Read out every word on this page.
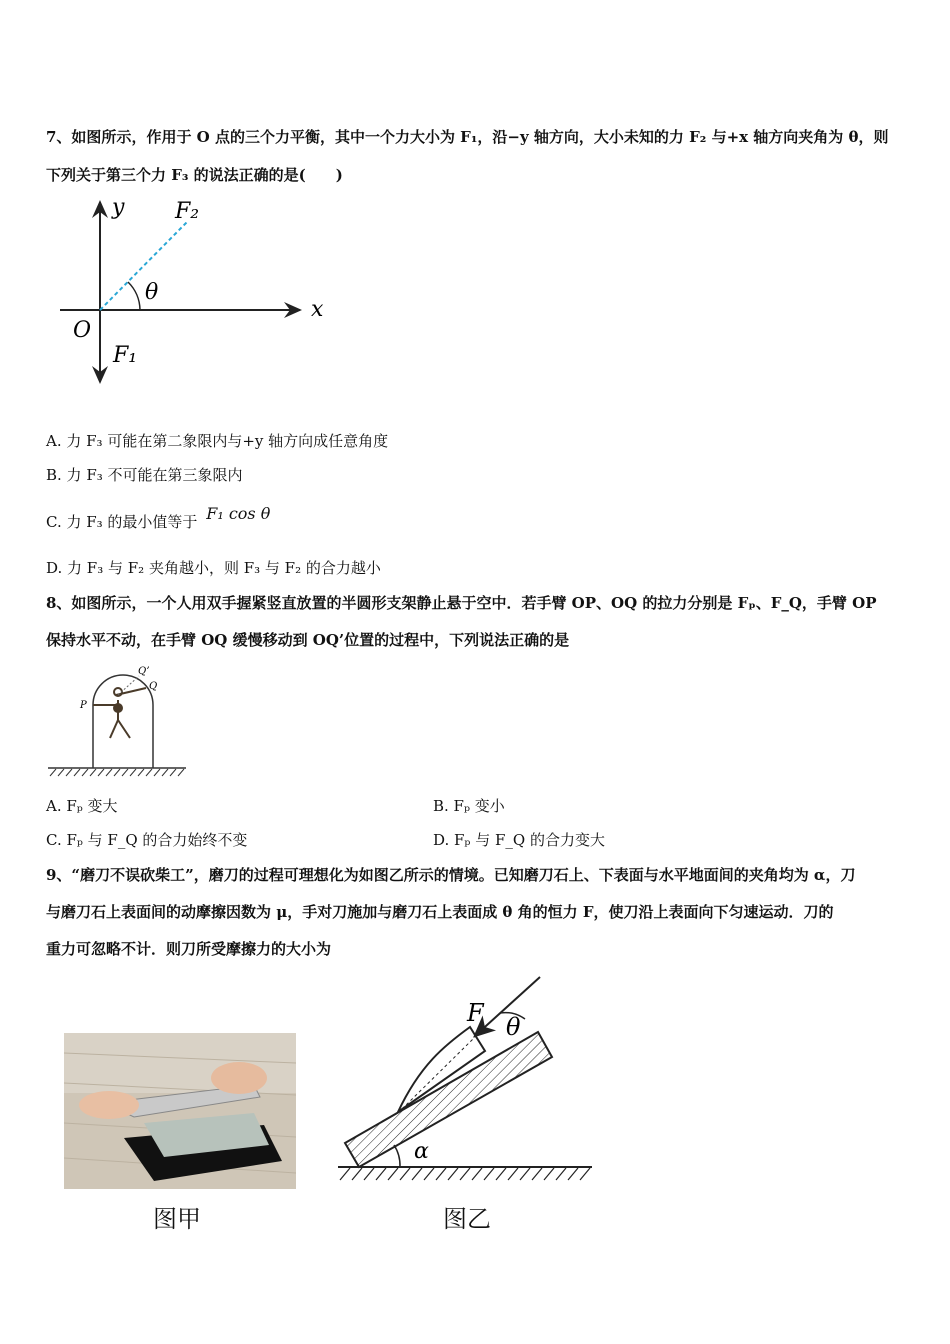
7、如图所示，作用于 O 点的三个力平衡，其中一个力大小为 F₁，沿−y 轴方向，大小未知的力 F₂ 与+x 轴方向夹角为 θ，则
下列关于第三个力 F₃ 的说法正确的是(　　)
y
x
O
F₁
F₂
θ
A. 力 F₃ 可能在第二象限内与+y 轴方向成任意角度
B. 力 F₃ 不可能在第三象限内
C. 力 F₃ 的最小值等于 F₁ cos θ
D. 力 F₃ 与 F₂ 夹角越小，则 F₃ 与 F₂ 的合力越小
8、如图所示，一个人用双手握紧竖直放置的半圆形支架静止悬于空中．若手臂 OP、OQ 的拉力分别是 Fₚ、F_Q，手臂 OP
保持水平不动，在手臂 OQ 缓慢移动到 OQ’位置的过程中，下列说法正确的是
P
Q
Q’
A. Fₚ 变大	B. Fₚ 变小
C. Fₚ 与 F_Q 的合力始终不变	D. Fₚ 与 F_Q 的合力变大
9、“磨刀不误砍柴工”，磨刀的过程可理想化为如图乙所示的情境。已知磨刀石上、下表面与水平地面间的夹角均为 α，刀
与磨刀石上表面间的动摩擦因数为 μ，手对刀施加与磨刀石上表面成 θ 角的恒力 F，使刀沿上表面向下匀速运动．刀的
重力可忽略不计．则刀所受摩擦力的大小为
图甲
F θ
α
图乙
